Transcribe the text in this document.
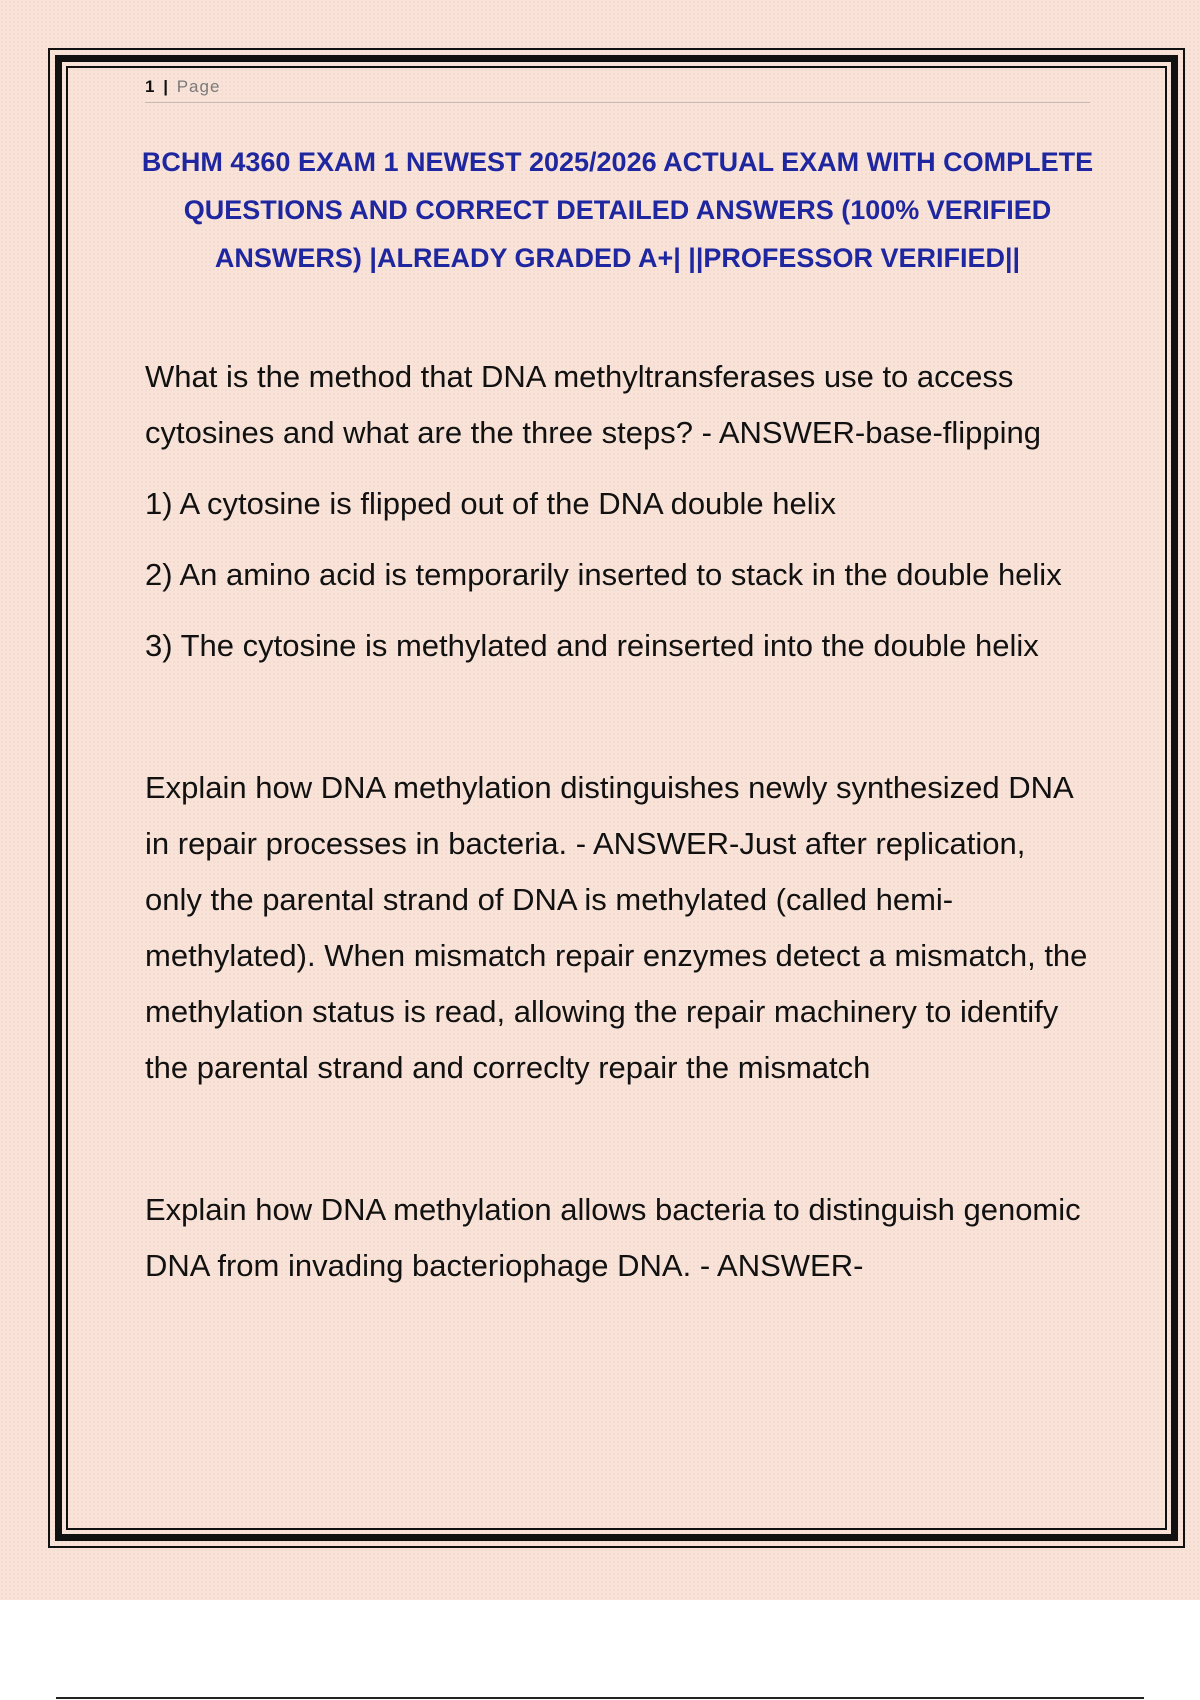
1 | Page
BCHM 4360 EXAM 1 NEWEST 2025/2026 ACTUAL EXAM WITH COMPLETE QUESTIONS AND CORRECT DETAILED ANSWERS (100% VERIFIED ANSWERS) |ALREADY GRADED A+| ||PROFESSOR VERIFIED||

What is the method that DNA methyltransferases use to access cytosines and what are the three steps? - ANSWER-base-flipping

1) A cytosine is flipped out of the DNA double helix

2) An amino acid is temporarily inserted to stack in the double helix

3) The cytosine is methylated and reinserted into the double helix

Explain how DNA methylation distinguishes newly synthesized DNA in repair processes in bacteria. - ANSWER-Just after replication, only the parental strand of DNA is methylated (called hemi-methylated). When mismatch repair enzymes detect a mismatch, the methylation status is read, allowing the repair machinery to identify the parental strand and correclty repair the mismatch

Explain how DNA methylation allows bacteria to distinguish genomic DNA from invading bacteriophage DNA. - ANSWER-
